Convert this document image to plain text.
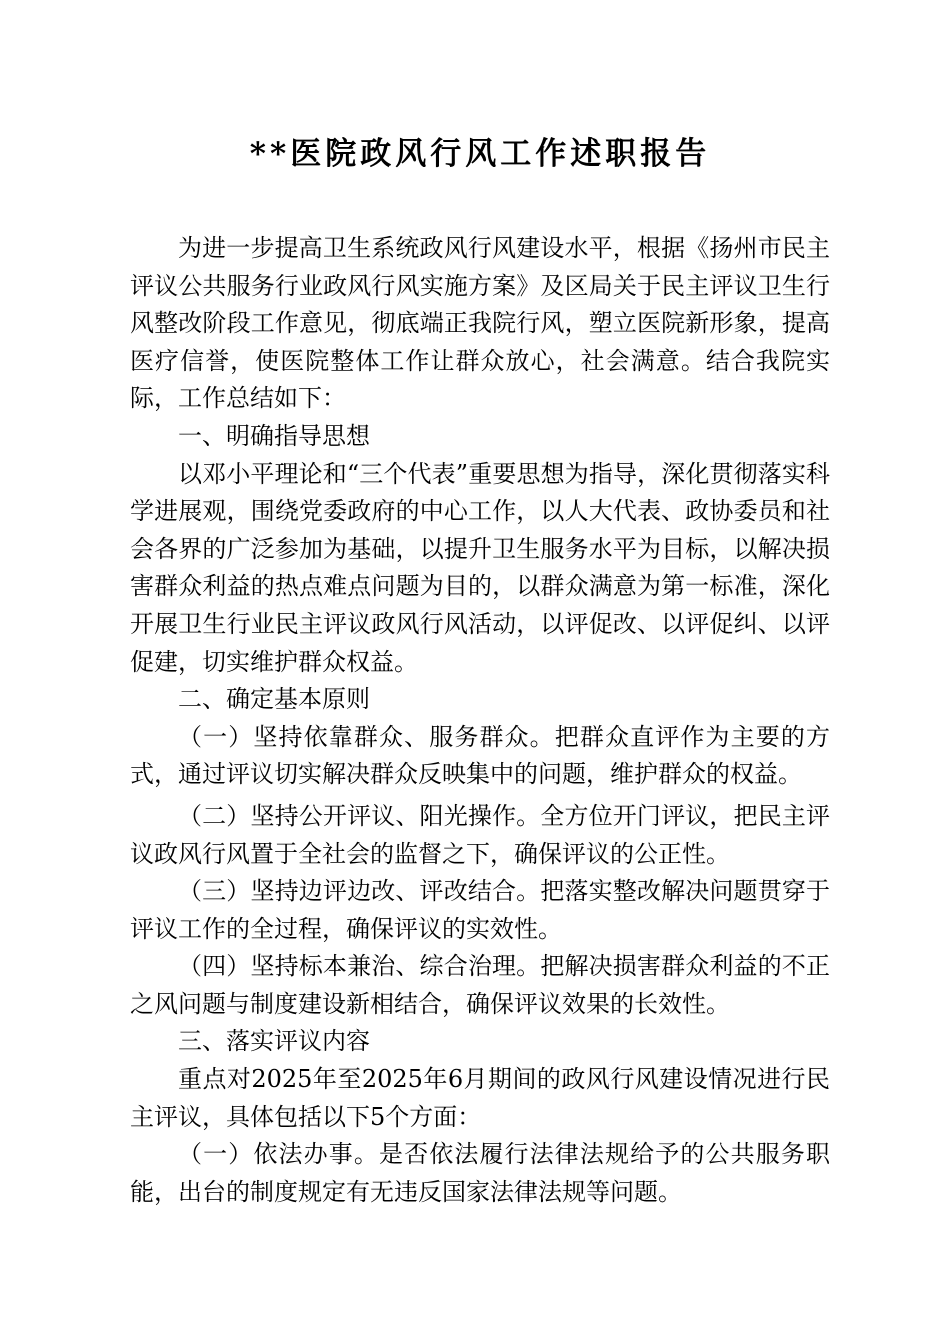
**医院政风行风工作述职报告

为进一步提高卫生系统政风行风建设水平，根据《扬州市民主评议公共服务行业政风行风实施方案》及区局关于民主评议卫生行风整改阶段工作意见，彻底端正我院行风，塑立医院新形象，提高医疗信誉，使医院整体工作让群众放心，社会满意。结合我院实际，工作总结如下：

一、明确指导思想

以邓小平理论和“三个代表”重要思想为指导，深化贯彻落实科学进展观，围绕党委政府的中心工作，以人大代表、政协委员和社会各界的广泛参加为基础，以提升卫生服务水平为目标，以解决损害群众利益的热点难点问题为目的，以群众满意为第一标准，深化开展卫生行业民主评议政风行风活动，以评促改、以评促纠、以评促建，切实维护群众权益。

二、确定基本原则

（一）坚持依靠群众、服务群众。把群众直评作为主要的方式，通过评议切实解决群众反映集中的问题，维护群众的权益。

（二）坚持公开评议、阳光操作。全方位开门评议，把民主评议政风行风置于全社会的监督之下，确保评议的公正性。

（三）坚持边评边改、评改结合。把落实整改解决问题贯穿于评议工作的全过程，确保评议的实效性。

（四）坚持标本兼治、综合治理。把解决损害群众利益的不正之风问题与制度建设新相结合，确保评议效果的长效性。

三、落实评议内容

重点对2025年至2025年6月期间的政风行风建设情况进行民主评议，具体包括以下5个方面：

（一）依法办事。是否依法履行法律法规给予的公共服务职能，出台的制度规定有无违反国家法律法规等问题。
